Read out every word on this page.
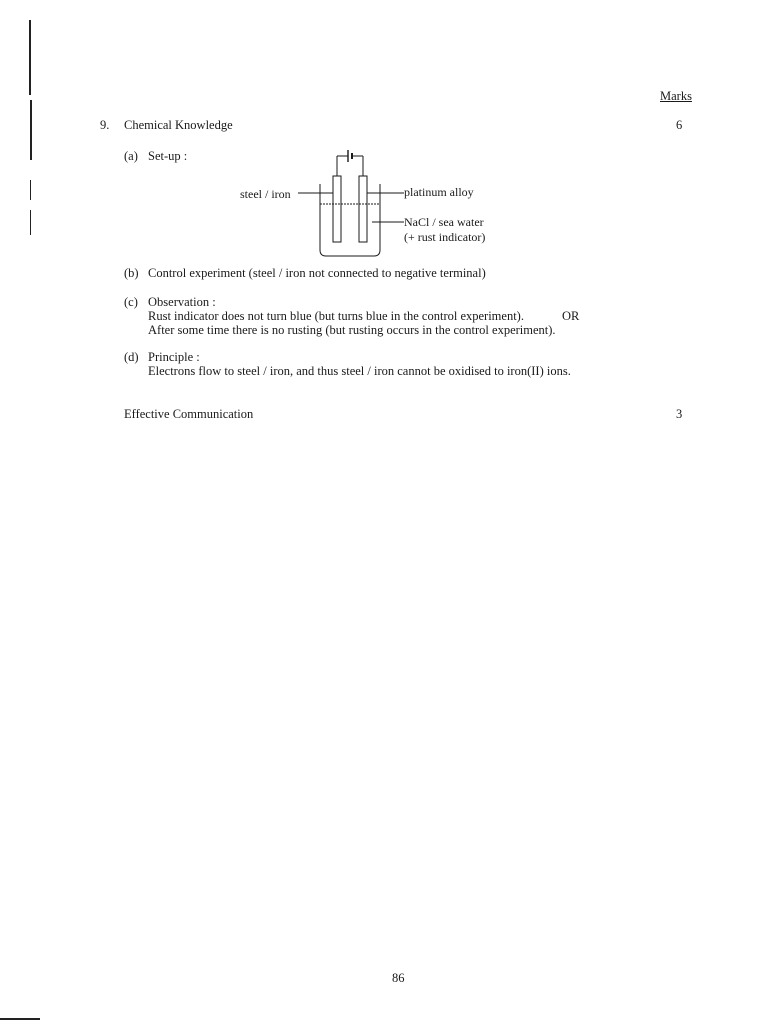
Marks
9. Chemical Knowledge	6
(a) Set-up :
steel / iron	platinum alloy
NaCl / sea water
(+ rust indicator)
(b) Control experiment (steel / iron not connected to negative terminal)
(c) Observation :
Rust indicator does not turn blue (but turns blue in the control experiment).	OR
After some time there is no rusting (but rusting occurs in the control experiment).
(d) Principle :
Electrons flow to steel / iron, and thus steel / iron cannot be oxidised to iron(II) ions.
Effective Communication	3
86
